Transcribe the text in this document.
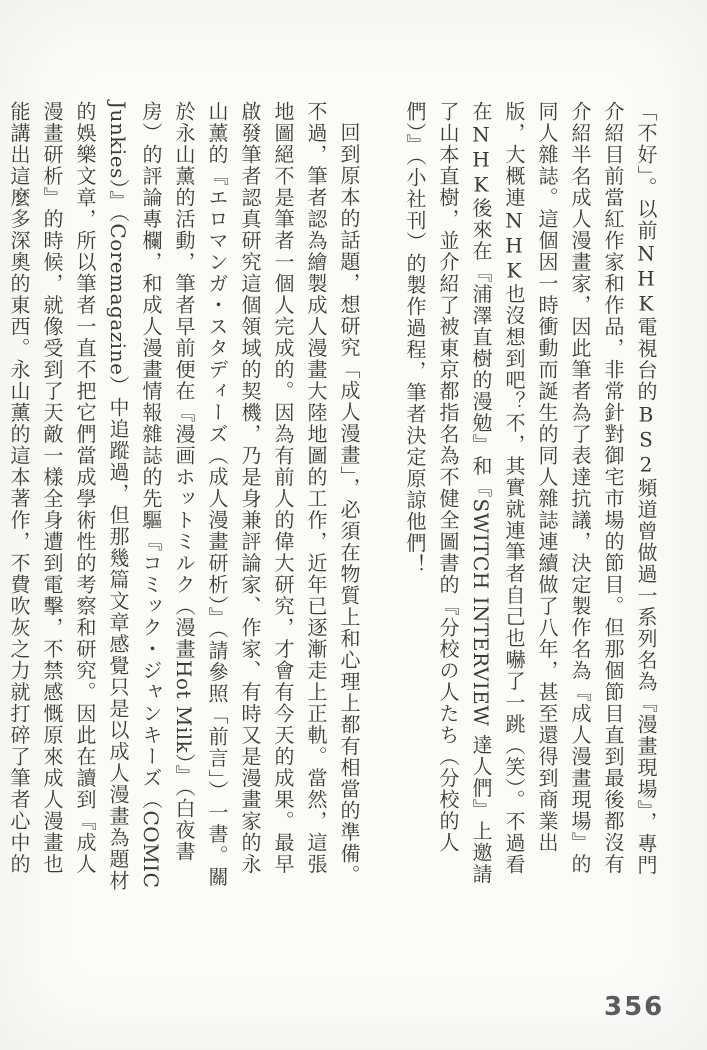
「不好」。以前NHK電視台的BS2頻道曾做過一系列名為『漫畫現場』，專門介紹目前當紅作家和作品，非常針對御宅市場的節目。但那個節目直到最後都沒有介紹半名成人漫畫家，因此筆者為了表達抗議，決定製作名為『成人漫畫現場』的同人雜誌。這個因一時衝動而誕生的同人雜誌連續做了八年，甚至還得到商業出版，大概連NHK也沒想到吧？不，其實就連筆者自己也嚇了一跳（笑）。不過看在NHK後來在『浦澤直樹的漫勉』和『SWITCH INTERVIEW 達人們』上邀請了山本直樹，並介紹了被東京都指名為不健全圖書的『分校の人たち（分校的人們）』（小社刊）的製作過程，筆者決定原諒他們！

回到原本的話題，想研究「成人漫畫」，必須在物質上和心理上都有相當的準備。不過，筆者認為繪製成人漫畫大陸地圖的工作，近年已逐漸走上正軌。當然，這張地圖絕不是筆者一個人完成的。因為有前人的偉大研究，才會有今天的成果。最早啟發筆者認真研究這個領域的契機，乃是身兼評論家、作家、有時又是漫畫家的永山薰的『エロマンガ・スタディーズ（成人漫畫研析）』（請參照「前言」）一書。關於永山薰的活動，筆者早前便在『漫画ホットミルク（漫畫Hot Milk）』（白夜書房）的評論專欄，和成人漫畫情報雜誌的先驅『コミック・ジャンキーズ（COMIC Junkies）』（Coremagazine）中追蹤過，但那幾篇文章感覺只是以成人漫畫為題材的娛樂文章，所以筆者一直不把它們當成學術性的考察和研究。因此在讀到『成人漫畫研析』的時候，就像受到了天敵一樣全身遭到電擊，不禁感慨原來成人漫畫也能講出這麼多深奧的東西。永山薰的這本著作，不費吹灰之力就打碎了筆者心中的

356
